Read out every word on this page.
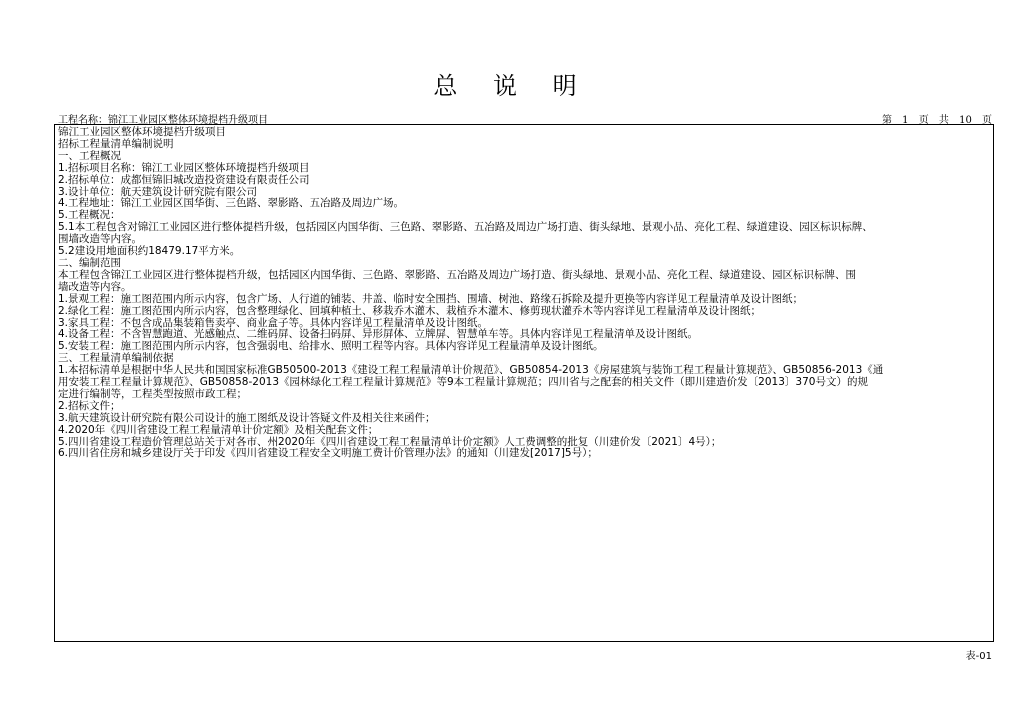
总 说 明
工程名称：锦江工业园区整体环境提档升级项目	第 1 页 共 10 页
锦江工业园区整体环境提档升级项目
招标工程量清单编制说明
一、工程概况
1.招标项目名称：锦江工业园区整体环境提档升级项目
2.招标单位：成都恒锦旧城改造投资建设有限责任公司
3.设计单位：航天建筑设计研究院有限公司
4.工程地址：锦江工业园区国华街、三色路、翠影路、五冶路及周边广场。
5.工程概况：
5.1本工程包含对锦江工业园区进行整体提档升级，包括园区内国华街、三色路、翠影路、五冶路及周边广场打造、街头绿地、景观小品、亮化工程、绿道建设、园区标识标牌、
围墙改造等内容。
5.2建设用地面积约18479.17平方米。
二、编制范围
本工程包含锦江工业园区进行整体提档升级，包括园区内国华街、三色路、翠影路、五冶路及周边广场打造、街头绿地、景观小品、亮化工程、绿道建设、园区标识标牌、围
墙改造等内容。
1.景观工程：施工图范围内所示内容，包含广场、人行道的铺装、井盖、临时安全围挡、围墙、树池、路缘石拆除及提升更换等内容详见工程量清单及设计图纸；
2.绿化工程：施工图范围内所示内容，包含整理绿化、回填种植土、移栽乔木灌木、栽植乔木灌木、修剪现状灌乔木等内容详见工程量清单及设计图纸；
3.家具工程：不包含成品集装箱售卖亭、商业盒子等。具体内容详见工程量清单及设计图纸。
4.设备工程：不含智慧跑道、光感触点、二维码屏、设备扫码屏、异形屏体、立牌屏、智慧单车等。具体内容详见工程量清单及设计图纸。
5.安装工程：施工图范围内所示内容，包含强弱电、给排水、照明工程等内容。具体内容详见工程量清单及设计图纸。
三、工程量清单编制依据
1.本招标清单是根据中华人民共和国国家标准GB50500-2013《建设工程工程量清单计价规范》、GB50854-2013《房屋建筑与装饰工程工程量计算规范》、GB50856-2013《通
用安装工程工程量计算规范》、GB50858-2013《园林绿化工程工程量计算规范》等9本工程量计算规范；四川省与之配套的相关文件（即川建造价发〔2013〕370号文）的规
定进行编制等，工程类型按照市政工程；
2.招标文件；
3.航天建筑设计研究院有限公司设计的施工图纸及设计答疑文件及相关往来函件；
4.2020年《四川省建设工程工程量清单计价定额》及相关配套文件；
5.四川省建设工程造价管理总站关于对各市、州2020年《四川省建设工程工程量清单计价定额》人工费调整的批复（川建价发〔2021〕4号）；
6.四川省住房和城乡建设厅关于印发《四川省建设工程安全文明施工费计价管理办法》的通知（川建发[2017]5号）；
表-01
